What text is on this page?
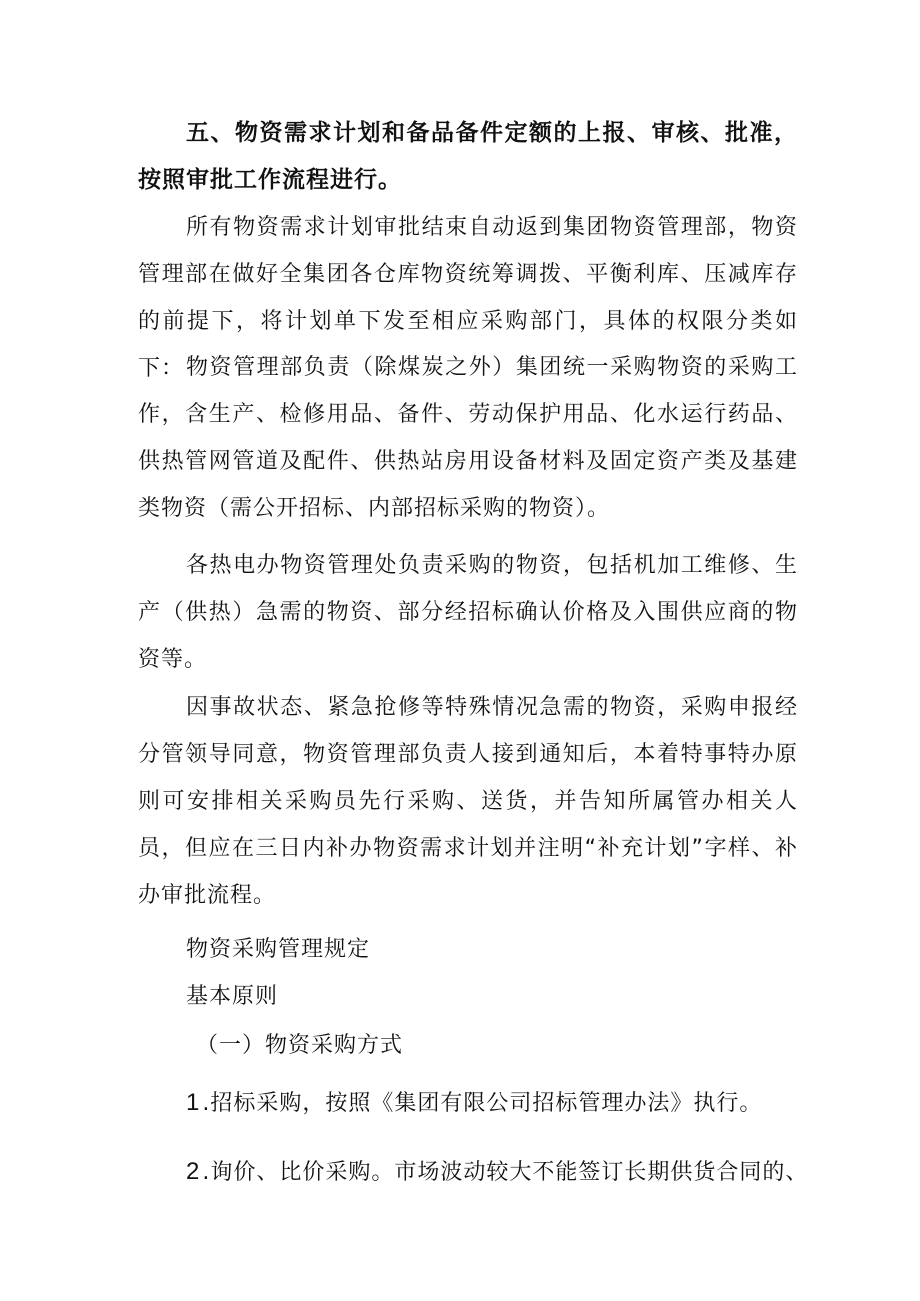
五、物资需求计划和备品备件定额的上报、审核、批准，按照审批工作流程进行。

所有物资需求计划审批结束自动返到集团物资管理部，物资管理部在做好全集团各仓库物资统筹调拨、平衡利库、压减库存的前提下，将计划单下发至相应采购部门，具体的权限分类如下： 物资管理部负责（除煤炭之外）集团统一采购物资的采购工作，含生产、检修用品、备件、劳动保护用品、化水运行药品、供热管网管道及配件、供热站房用设备材料及固定资产类及基建类物资（需公开招标、内部招标采购的物资）。

各热电办物资管理处负责采购的物资，包括机加工维修、生产（供热）急需的物资、部分经招标确认价格及入围供应商的物资等。

因事故状态、紧急抢修等特殊情况急需的物资，采购申报经分管领导同意，物资管理部负责人接到通知后，本着特事特办原则可安排相关采购员先行采购、送货，并告知所属管办相关人员，但应在三日内补办物资需求计划并注明“补充计划”字样、补办审批流程。

物资采购管理规定

基本原则

（一）物资采购方式

1.招标采购，按照《集团有限公司招标管理办法》执行。

2.询价、比价采购。市场波动较大不能签订长期供货合同的、
